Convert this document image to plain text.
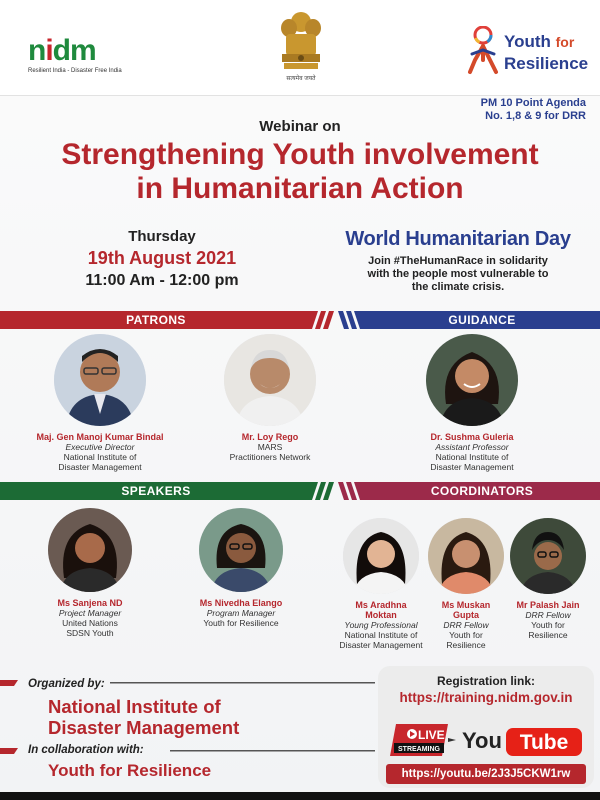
nidm
Resilient India - Disaster Free India
सत्यमेव जयते
Youth for
Resilience
PM 10 Point Agenda
No. 1,8 & 9 for DRR
Webinar on
Strengthening Youth involvement
in Humanitarian Action
Thursday
19th August 2021
11:00 Am - 12:00 pm
World Humanitarian Day
Join #TheHumanRace in solidarity
with the people most vulnerable to
the climate crisis.
PATRONS	GUIDANCE
Maj. Gen Manoj Kumar Bindal
Executive Director
National Institute of
Disaster Management
Mr. Loy Rego
MARS
Practitioners Network
Dr. Sushma Guleria
Assistant Professor
National Institute of
Disaster Management
SPEAKERS	COORDINATORS
Ms Sanjena ND
Project Manager
United Nations
SDSN Youth
Ms Nivedha Elango
Program Manager
Youth for Resilience
Ms Aradhna
Moktan
Young Professional
National Institute of
Disaster Management
Ms Muskan
Gupta
DRR Fellow
Youth for
Resilience
Mr Palash Jain
DRR Fellow
Youth for
Resilience
Organized by:
National Institute of
Disaster Management
In collaboration with:
Youth for Resilience
Registration link:
https://training.nidm.gov.in
LIVE
STREAMING You Tube
https://youtu.be/2J3J5CKW1rw
